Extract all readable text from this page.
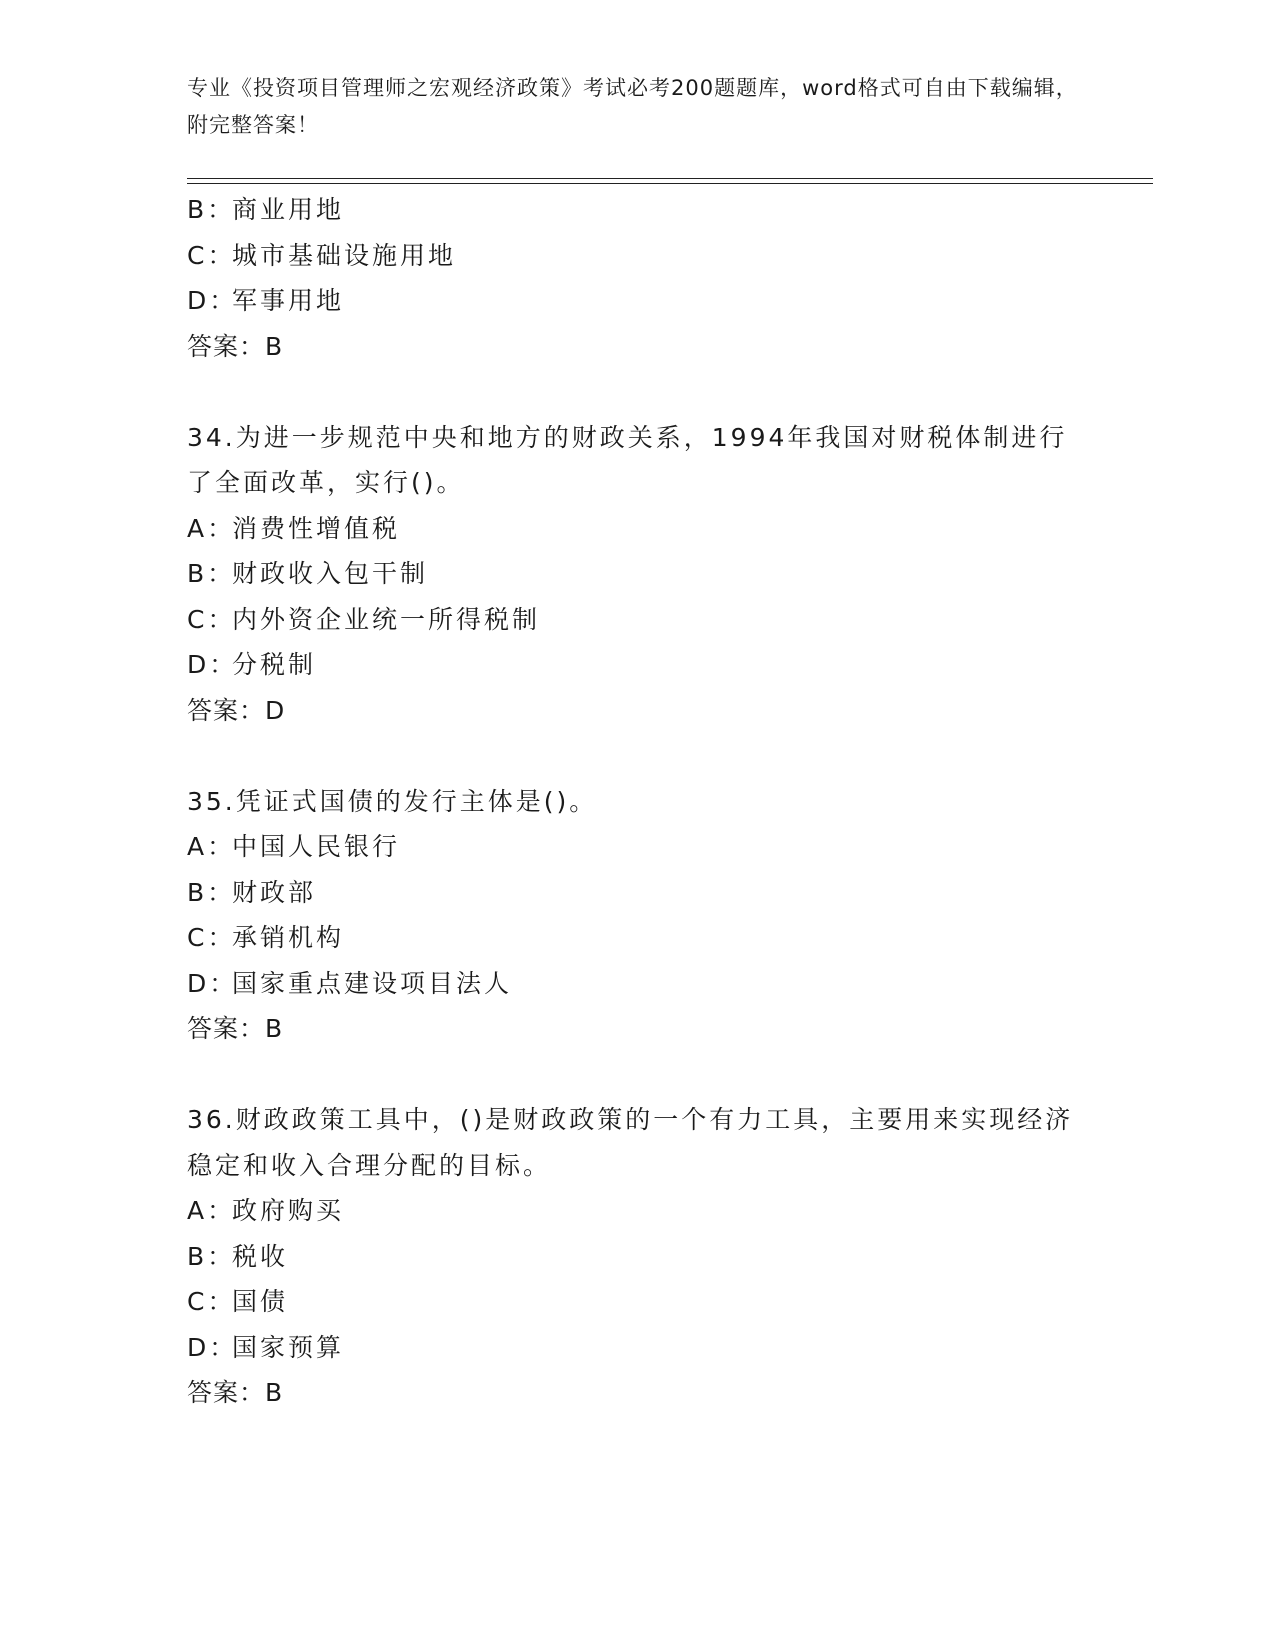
专业《投资项目管理师之宏观经济政策》考试必考200题题库，word格式可自由下载编辑，附完整答案！
B：
商业用地
C：
城市基础设施用地
D：
军事用地
答案：B
34.为进一步规范中央和地方的财政关系，1994年我国对财税体制进行了全面改革，实行()。
A：
消费性增值税
B：
财政收入包干制
C：
内外资企业统一所得税制
D：
分税制
答案：D
35.凭证式国债的发行主体是()。
A：
中国人民银行
B：
财政部
C：
承销机构
D：
国家重点建设项目法人
答案：B
36.财政政策工具中，()是财政政策的一个有力工具，主要用来实现经济稳定和收入合理分配的目标。
A：
政府购买
B：
税收
C：
国债
D：
国家预算
答案：B
